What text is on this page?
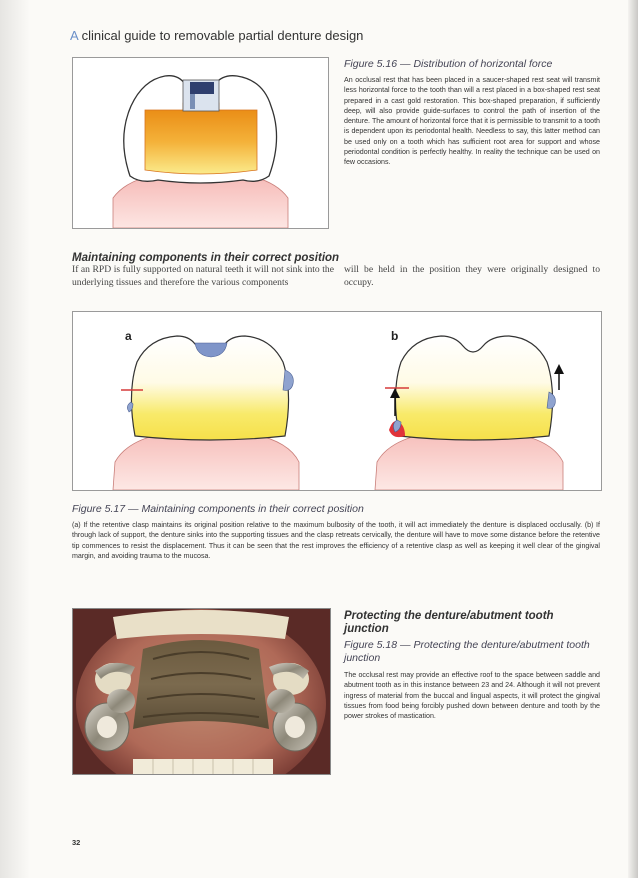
A clinical guide to removable partial denture design

Figure 5.16 — Distribution of horizontal force

An occlusal rest that has been placed in a saucer-shaped rest seat will transmit less horizontal force to the tooth than will a rest placed in a box-shaped rest seat prepared in a cast gold restoration. This box-shaped preparation, if sufficiently deep, will also provide guide-surfaces to control the path of insertion of the denture. The amount of horizontal force that it is permissible to transmit to a tooth is dependent upon its periodontal health. Needless to say, this latter method can be used only on a tooth which has sufficient root area for support and whose periodontal condition is perfectly healthy. In reality the technique can be used on few occasions.

Maintaining components in their correct position
If an RPD is fully supported on natural teeth it will not sink into the underlying tissues and therefore the various components
will be held in the position they were originally designed to occupy.
a	b

Figure 5.17 — Maintaining components in their correct position

(a) If the retentive clasp maintains its original position relative to the maximum bulbosity of the tooth, it will act immediately the denture is displaced occlusally. (b) If through lack of support, the denture sinks into the supporting tissues and the clasp retreats cervically, the denture will have to move some distance before the retentive tip commences to resist the displacement. Thus it can be seen that the rest improves the efficiency of a retentive clasp as well as keeping it well clear of the gingival margin, and avoiding trauma to the mucosa.

Protecting the denture/abutment tooth junction

Figure 5.18 — Protecting the denture/abutment tooth junction

The occlusal rest may provide an effective roof to the space between saddle and abutment tooth as in this instance between 23 and 24. Although it will not prevent ingress of material from the buccal and lingual aspects, it will protect the gingival tissues from food being forcibly pushed down between denture and tooth by the power strokes of mastication.

32
